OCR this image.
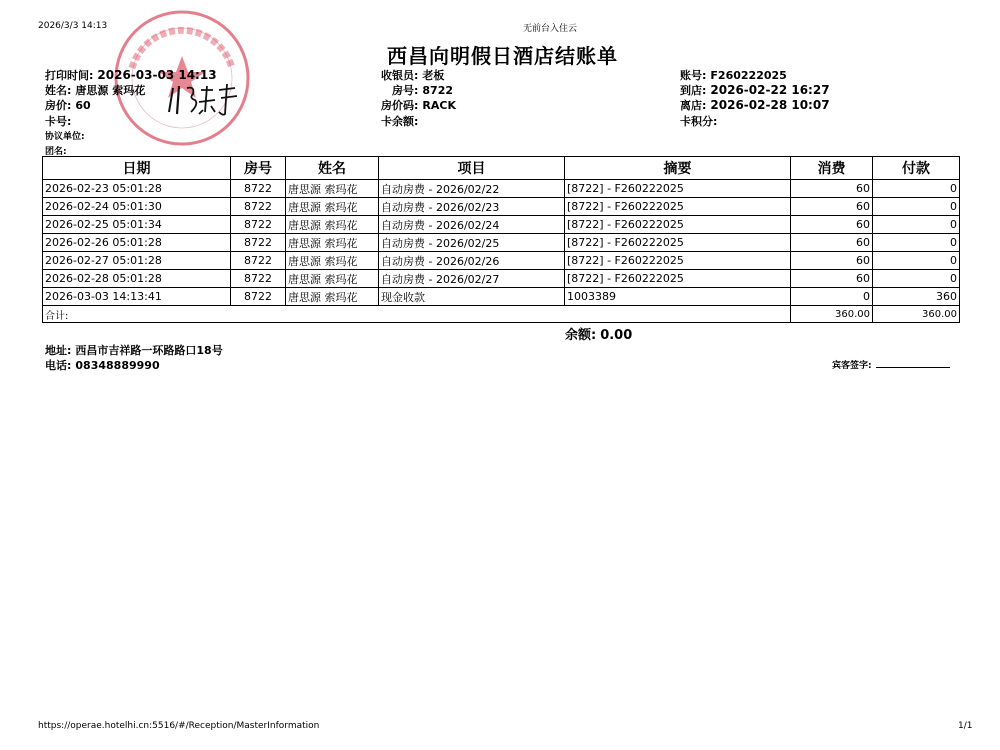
2026/3/3 14:13	无前台入住云
西昌向明假日酒店结账单
打印时间: 2026-03-03 14:13
姓名: 唐思源 索玛花
房价: 60
卡号:
协议单位:
团名:
收银员: 老板
房号: 8722
房价码: RACK
卡余额:
账号: F260222025
到店: 2026-02-22 16:27
离店: 2026-02-28 10:07
卡积分:
日期	房号	姓名	项目	摘要	消费	付款
2026-02-23 05:01:28	8722	唐思源 索玛花	自动房费 - 2026/02/22	[8722] - F260222025	60	0
2026-02-24 05:01:30	8722	唐思源 索玛花	自动房费 - 2026/02/23	[8722] - F260222025	60	0
2026-02-25 05:01:34	8722	唐思源 索玛花	自动房费 - 2026/02/24	[8722] - F260222025	60	0
2026-02-26 05:01:28	8722	唐思源 索玛花	自动房费 - 2026/02/25	[8722] - F260222025	60	0
2026-02-27 05:01:28	8722	唐思源 索玛花	自动房费 - 2026/02/26	[8722] - F260222025	60	0
2026-02-28 05:01:28	8722	唐思源 索玛花	自动房费 - 2026/02/27	[8722] - F260222025	60	0
2026-03-03 14:13:41	8722	唐思源 索玛花	现金收款	1003389	0	360
合计:					360.00	360.00
余额: 0.00
地址: 西昌市吉祥路一环路路口18号
电话: 08348889990	宾客签字:
https://operae.hotelhi.cn:5516/#/Reception/MasterInformation	1/1
